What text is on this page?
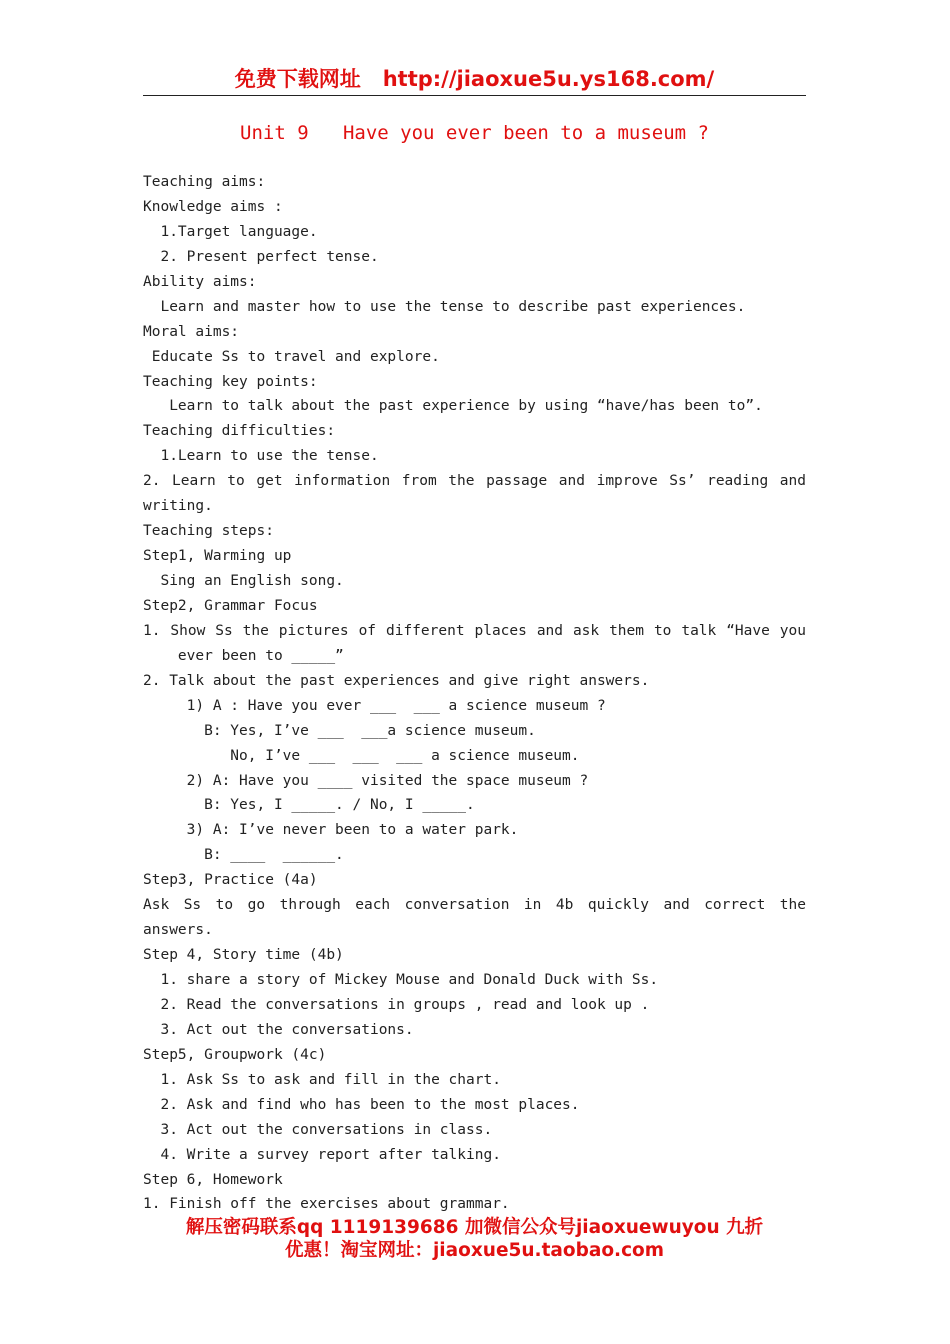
免费下载网址 http://jiaoxue5u.ys168.com/
Unit 9   Have you ever been to a museum ?
Teaching aims:
Knowledge aims :
1.Target language.
2. Present perfect tense.
Ability aims:
Learn and master how to use the tense to describe past experiences.
Moral aims:
Educate Ss to travel and explore.
Teaching key points:
Learn to talk about the past experience by using “have/has been to”.
Teaching difficulties:
1.Learn to use the tense.
2. Learn to get information from the passage and improve Ss’ reading and
writing.
Teaching steps:
Step1, Warming up
Sing an English song.
Step2, Grammar Focus
1. Show Ss the pictures of different places and ask them to talk “Have you
ever been to _____”
2. Talk about the past experiences and give right answers.
1) A : Have you ever ___  ___ a science museum ?
B: Yes, I’ve ___  ___a science museum.
No, I’ve ___  ___  ___ a science museum.
2) A: Have you ____ visited the space museum ?
B: Yes, I _____. / No, I _____.
3) A: I’ve never been to a water park.
B: ____  ______.
Step3, Practice (4a)
Ask Ss to go through each conversation in 4b quickly and correct the
answers.
Step 4, Story time (4b)
1. share a story of Mickey Mouse and Donald Duck with Ss.
2. Read the conversations in groups , read and look up .
3. Act out the conversations.
Step5, Groupwork (4c)
1. Ask Ss to ask and fill in the chart.
2. Ask and find who has been to the most places.
3. Act out the conversations in class.
4. Write a survey report after talking.
Step 6, Homework
1. Finish off the exercises about grammar.
解压密码联系qq 1119139686 加微信公众号jiaoxuewuyou 九折
优惠！淘宝网址：jiaoxue5u.taobao.com
